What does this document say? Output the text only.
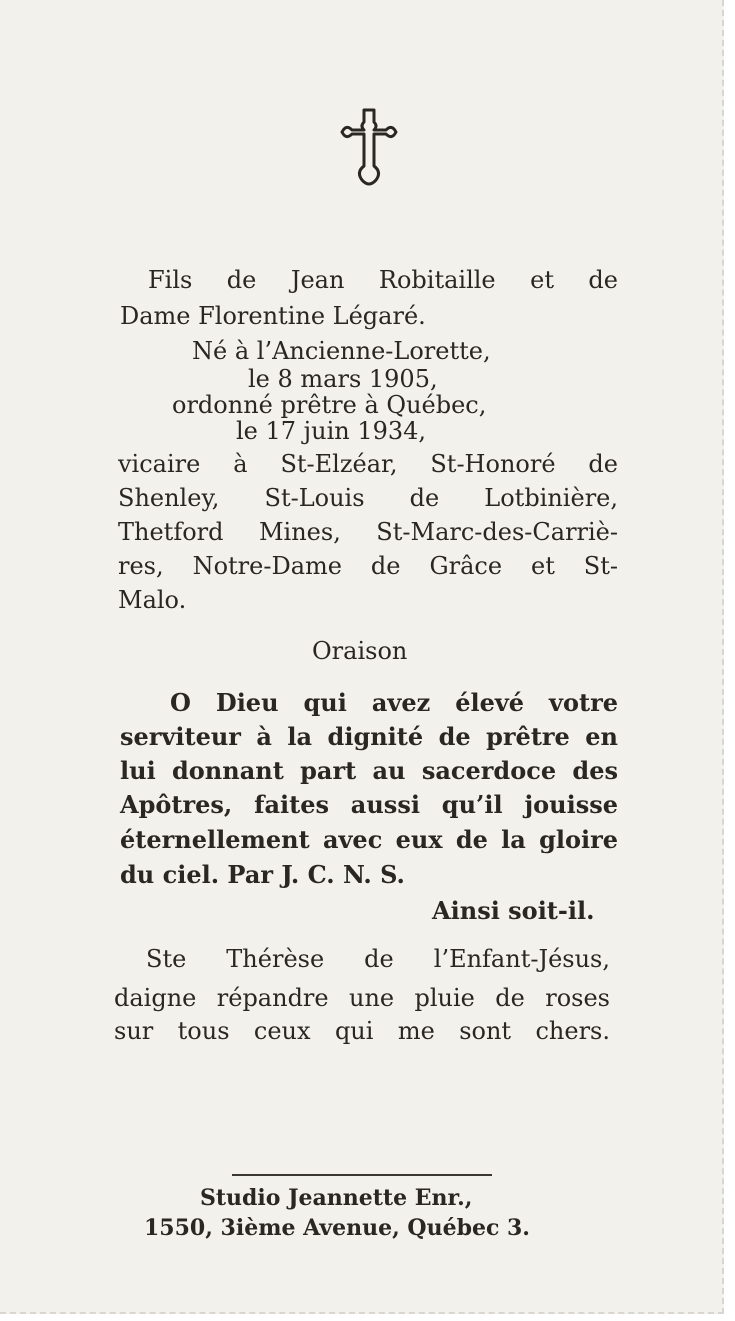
Fils de Jean Robitaille et de
Dame Florentine Légaré.
Né à l’Ancienne-Lorette,
le 8 mars 1905,
ordonné prêtre à Québec,
le 17 juin 1934,
vicaire à St-Elzéar, St-Honoré de
Shenley, St-Louis de Lotbinière,
Thetford Mines, St-Marc-des-Carriè-
res, Notre-Dame de Grâce et St-
Malo.
Oraison
O Dieu qui avez élevé votre
serviteur à la dignité de prêtre en
lui donnant part au sacerdoce des
Apôtres, faites aussi qu’il jouisse
éternellement avec eux de la gloire
du ciel. Par J. C. N. S.
Ainsi soit-il.
Ste Thérèse de l’Enfant-Jésus,
daigne répandre une pluie de roses
sur tous ceux qui me sont chers.
Studio Jeannette Enr.,
1550, 3ième Avenue, Québec 3.
